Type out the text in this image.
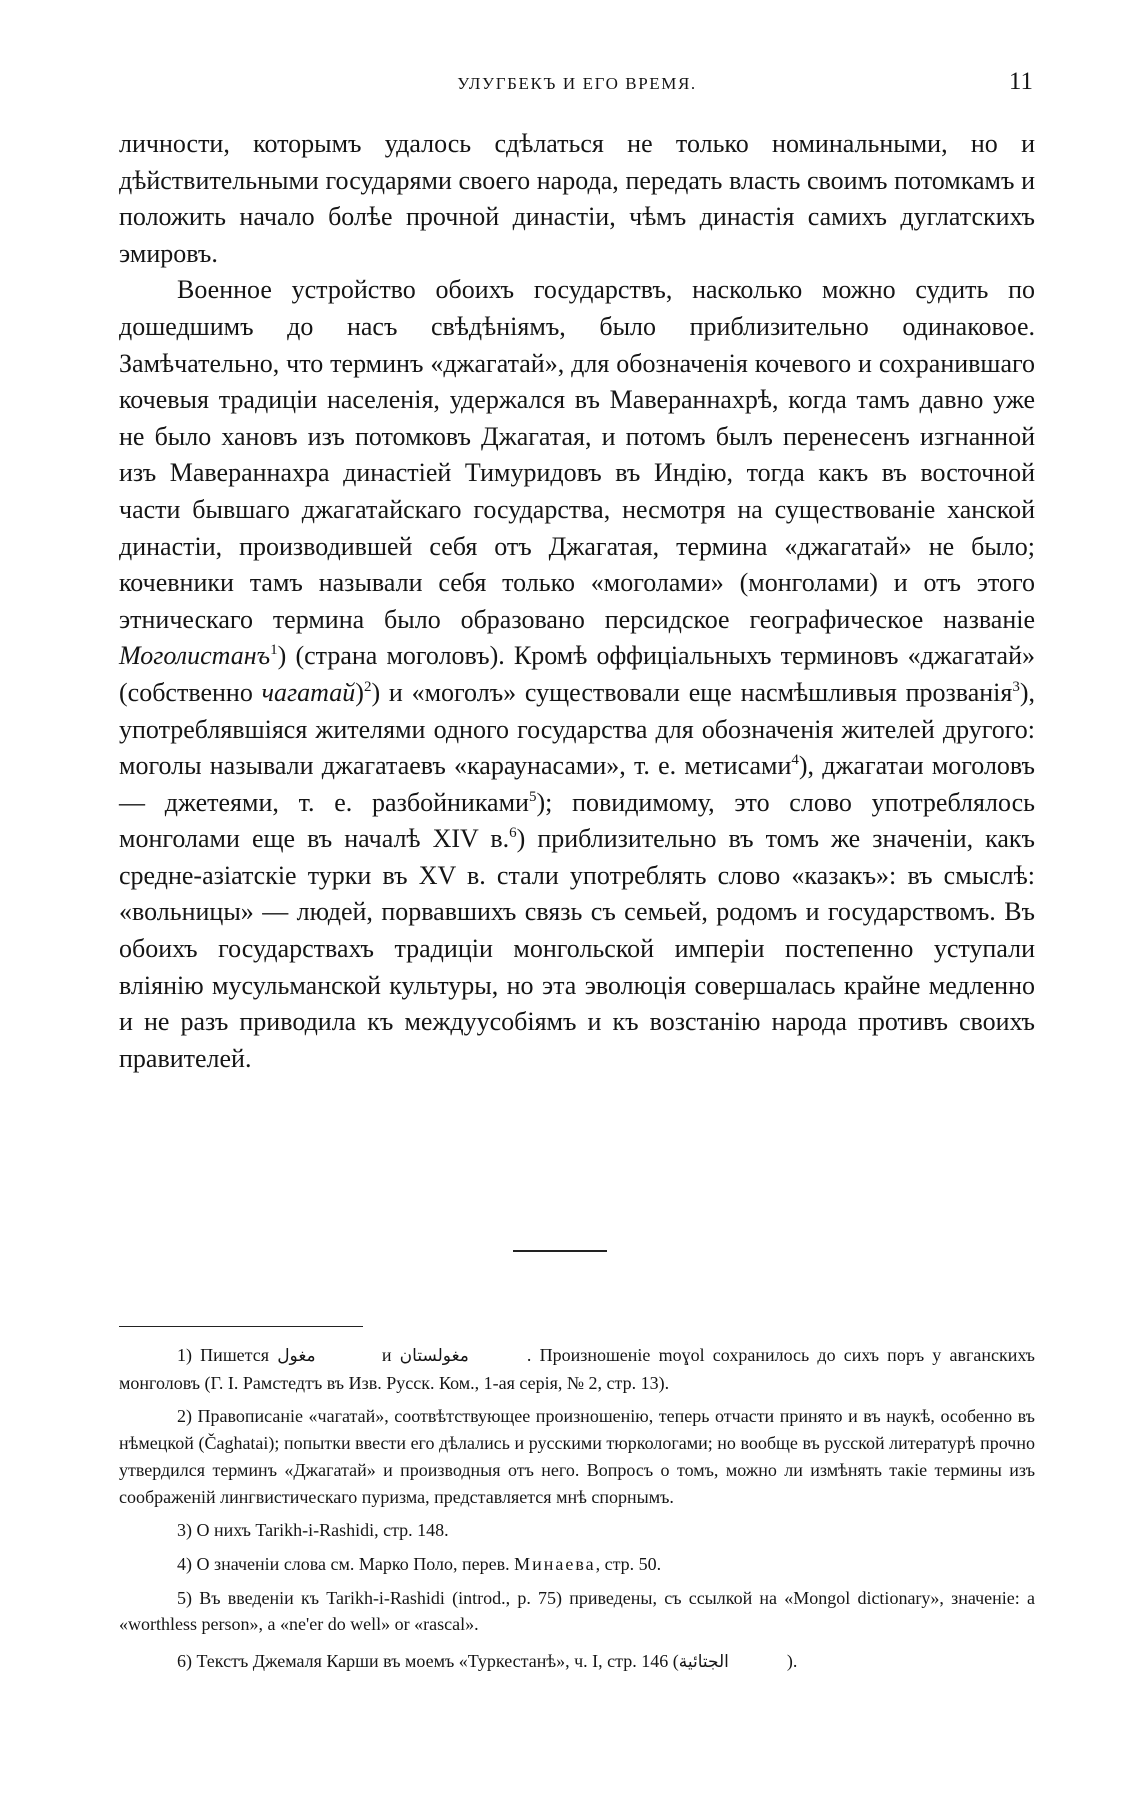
УЛУГБЕКЪ И ЕГО ВРЕМЯ.	11

личности, которымъ удалось сдѣлаться не только номинальными, но и дѣйствительными государями своего народа, передать власть своимъ потомкамъ и положить начало болѣе прочной династіи, чѣмъ династія самихъ дуглатскихъ эмировъ.

Военное устройство обоихъ государствъ, насколько можно судить по дошедшимъ до насъ свѣдѣніямъ, было приблизительно одинаковое. Замѣчательно, что терминъ «джагатай», для обозначенія кочевого и сохранившаго кочевыя традиціи населенія, удержался въ Мавераннахрѣ, когда тамъ давно уже не было хановъ изъ потомковъ Джагатая, и потомъ былъ перенесенъ изгнанной изъ Мавераннахра династіей Тимуридовъ въ Индію, тогда какъ въ восточной части бывшаго джагатайскаго государства, несмотря на существованіе ханской династіи, производившей себя отъ Джагатая, термина «джагатай» не было; кочевники тамъ называли себя только «моголами» (монголами) и отъ этого этническаго термина было образовано персидское географическое названіе Моголистанъ$^1$) (страна моголовъ). Кромѣ оффиціальныхъ терминовъ «джагатай» (собственно чагатай)$^2$) и «моголъ» существовали еще насмѣшливыя прозванія$^3$), употреблявшіяся жителями одного государства для обозначенія жителей другого: моголы называли джагатаевъ «караунасами», т. е. метисами$^4$), джагатаи моголовъ — джетеями, т. е. разбойниками$^5$); повидимому, это слово употреблялось монголами еще въ началѣ XIV в.$^6$) приблизительно въ томъ же значеніи, какъ средне-азіатскіе турки въ XV в. стали употреблять слово «казакъ»: въ смыслѣ: «вольницы» — людей, порвавшихъ связь съ семьей, родомъ и государствомъ. Въ обоихъ государствахъ традиціи монгольской имперіи постепенно уступали вліянію мусульманской культуры, но эта эволюція совершалась крайне медленно и не разъ приводила къ междуусобіямъ и къ возстанію народа противъ своихъ правителей.

1) Пишется مغول	и مغولستان	. Произношеніе moɣol сохранилось до сихъ поръ у авганскихъ монголовъ (Г. І. Рамстедтъ въ Изв. Русск. Ком., 1-ая серія, № 2, стр. 13).

2) Правописаніе «чагатай», соотвѣтствующее произношенію, теперь отчасти принято и въ наукѣ, особенно въ нѣмецкой (Čaghatai); попытки ввести его дѣлались и русскими тюркологами; но вообще въ русской литературѣ прочно утвердился терминъ «Джагатай» и производныя отъ него. Вопросъ о томъ, можно ли измѣнять такіе термины изъ соображеній лингвистическаго пуризма, представляется мнѣ спорнымъ.

3) О нихъ Tarikh-i-Rashidi, стр. 148.

4) О значеніи слова см. Марко Поло, перев. Минаева, стр. 50.

5) Въ введеніи къ Tarikh-i-Rashidi (introd., p. 75) приведены, съ ссылкой на «Mongol dictionary», значеніе: a «worthless person», a «ne'er do well» or «rascal».

6) Текстъ Джемаля Карши въ моемъ «Туркестанѣ», ч. I, стр. 146 (الجتائية	).
